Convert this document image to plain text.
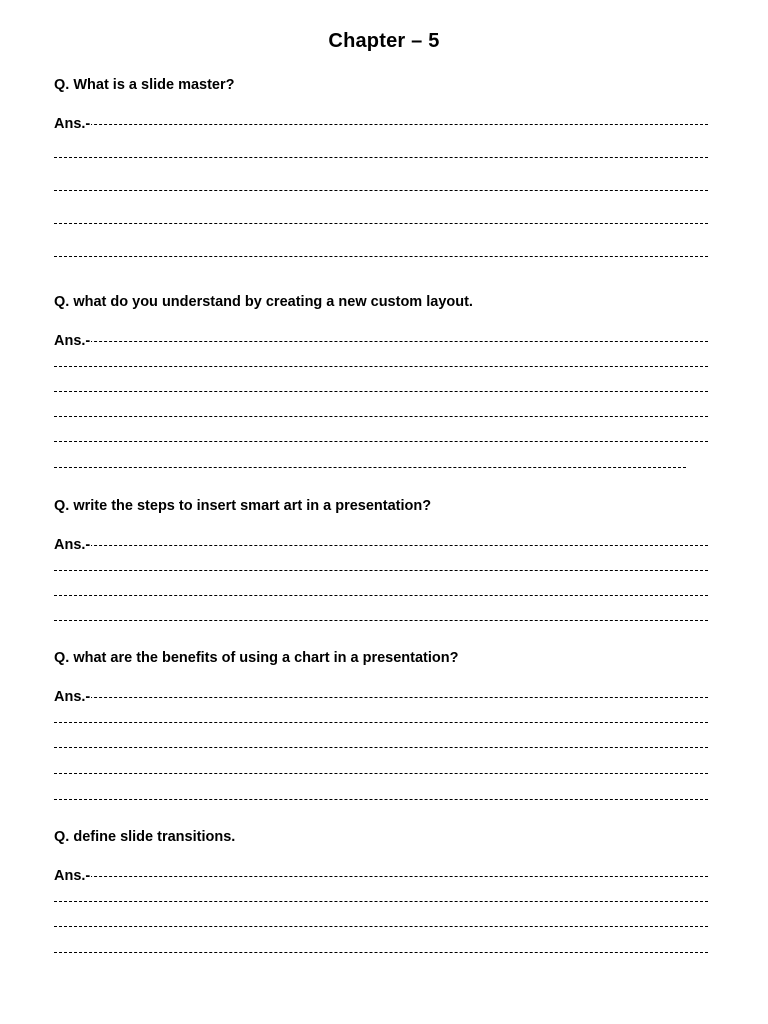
Chapter – 5
Q. What is a slide master?
Ans.-
Q. what do you understand by creating a new custom layout.
Ans.-
Q. write the steps to insert smart art in a presentation?
Ans.-
Q. what are the benefits of using a chart in a presentation?
Ans.-
Q. define slide transitions.
Ans.-
